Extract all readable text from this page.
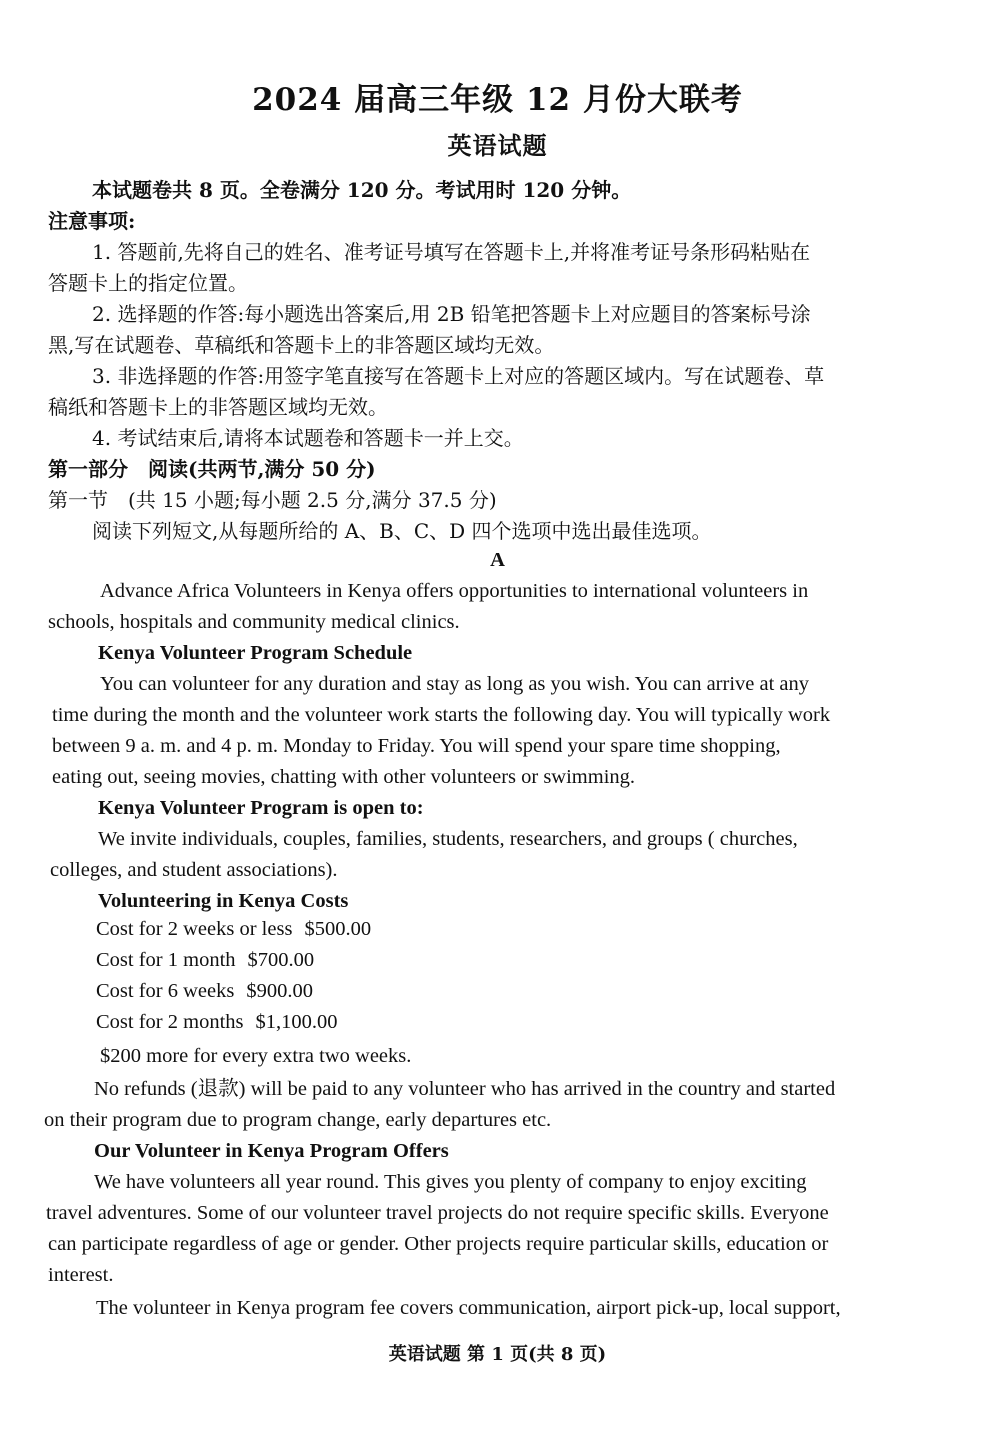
2024 届高三年级 12 月份大联考
英语试题
本试题卷共 8 页。全卷满分 120 分。考试用时 120 分钟。
注意事项:
1. 答题前,先将自己的姓名、准考证号填写在答题卡上,并将准考证号条形码粘贴在
答题卡上的指定位置。
2. 选择题的作答:每小题选出答案后,用 2B 铅笔把答题卡上对应题目的答案标号涂
黑,写在试题卷、草稿纸和答题卡上的非答题区域均无效。
3. 非选择题的作答:用签字笔直接写在答题卡上对应的答题区域内。写在试题卷、草
稿纸和答题卡上的非答题区域均无效。
4. 考试结束后,请将本试题卷和答题卡一并上交。
第一部分　阅读(共两节,满分 50 分)
第一节　(共 15 小题;每小题 2.5 分,满分 37.5 分)
阅读下列短文,从每题所给的 A、B、C、D 四个选项中选出最佳选项。
A
Advance Africa Volunteers in Kenya offers opportunities to international volunteers in
schools, hospitals and community medical clinics.
Kenya Volunteer Program Schedule
You can volunteer for any duration and stay as long as you wish. You can arrive at any
time during the month and the volunteer work starts the following day. You will typically work
between 9 a. m. and 4 p. m. Monday to Friday. You will spend your spare time shopping,
eating out, seeing movies, chatting with other volunteers or swimming.
Kenya Volunteer Program is open to:
We invite individuals, couples, families, students, researchers, and groups ( churches,
colleges, and student associations).
Volunteering in Kenya Costs
Cost for 2 weeks or less $500.00
Cost for 1 month $700.00
Cost for 6 weeks $900.00
Cost for 2 months $1,100.00
$200 more for every extra two weeks.
No refunds (退款) will be paid to any volunteer who has arrived in the country and started
on their program due to program change, early departures etc.
Our Volunteer in Kenya Program Offers
We have volunteers all year round. This gives you plenty of company to enjoy exciting
travel adventures. Some of our volunteer travel projects do not require specific skills. Everyone
can participate regardless of age or gender. Other projects require particular skills, education or
interest.
The volunteer in Kenya program fee covers communication, airport pick-up, local support,
英语试题 第 1 页(共 8 页)
